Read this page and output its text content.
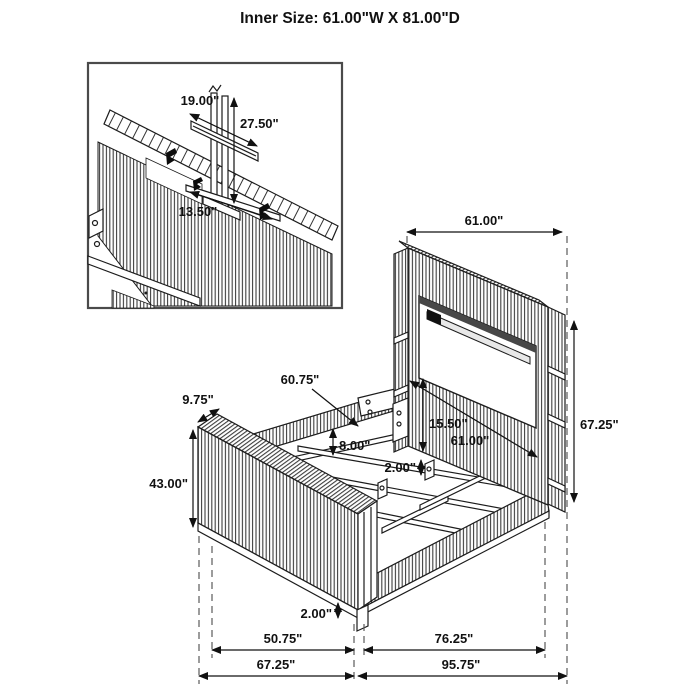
Inner Size: 61.00"W X 81.00"D
19.00"
27.50"
13.50"
61.00"
67.25"
60.75"
9.75"
43.00"
8.00"
15.50"
61.00"
2.00"
2.00"
50.75"	76.25"
67.25"	95.75"
